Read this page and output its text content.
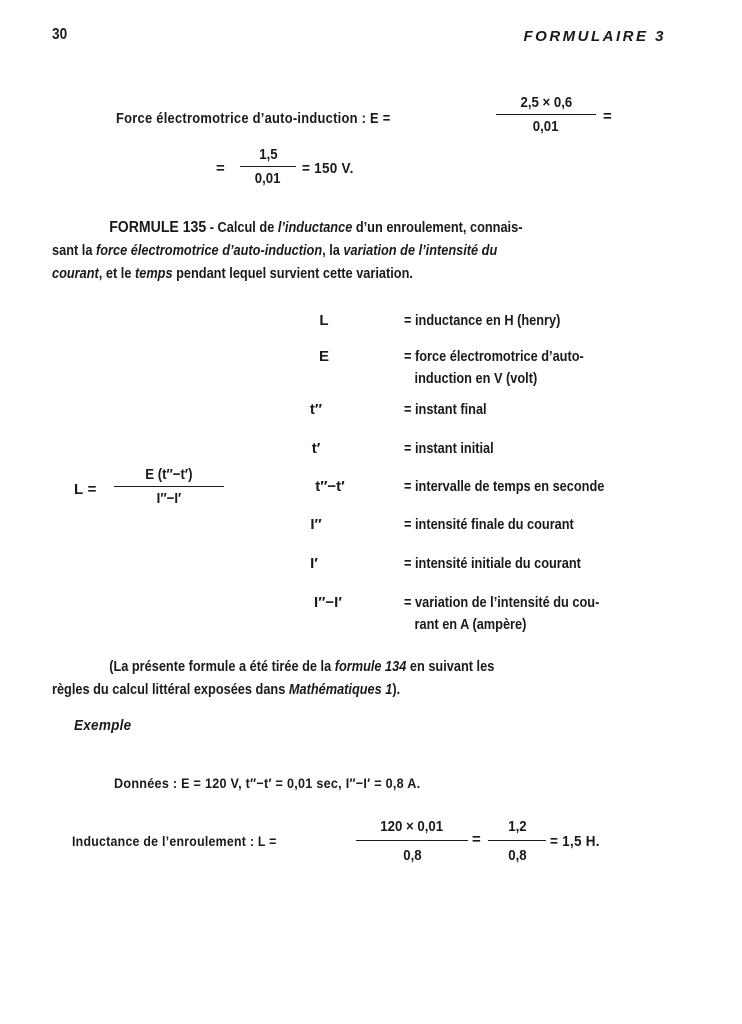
30	FORMULAIRE 3
Force électromotrice d’auto-induction : E =
2,5 × 0,6
0,01
=
=
1,5
0,01
= 150 V.
FORMULE 135 - Calcul de l’inductance d’un enroulement, connais-
sant la force électromotrice d’auto-induction, la variation de l’intensité du
courant, et le temps pendant lequel survient cette variation.
L =
E (t″−t′)
I″−I′
L	= inductance en H (henry)
E	= force électromotrice d’auto-
induction en V (volt)
t″	= instant final
t′	= instant initial
t″−t′	= intervalle de temps en seconde
I″	= intensité finale du courant
I′	= intensité initiale du courant
I″−I′	= variation de l’intensité du cou-
rant en A (ampère)
(La présente formule a été tirée de la formule 134 en suivant les
règles du calcul littéral exposées dans Mathématiques 1).
Exemple
Données : E = 120 V, t″−t′ = 0,01 sec, I″−I′ = 0,8 A.
Inductance de l’enroulement : L =
120 × 0,01
0,8
=
1,2
0,8
= 1,5 H.
